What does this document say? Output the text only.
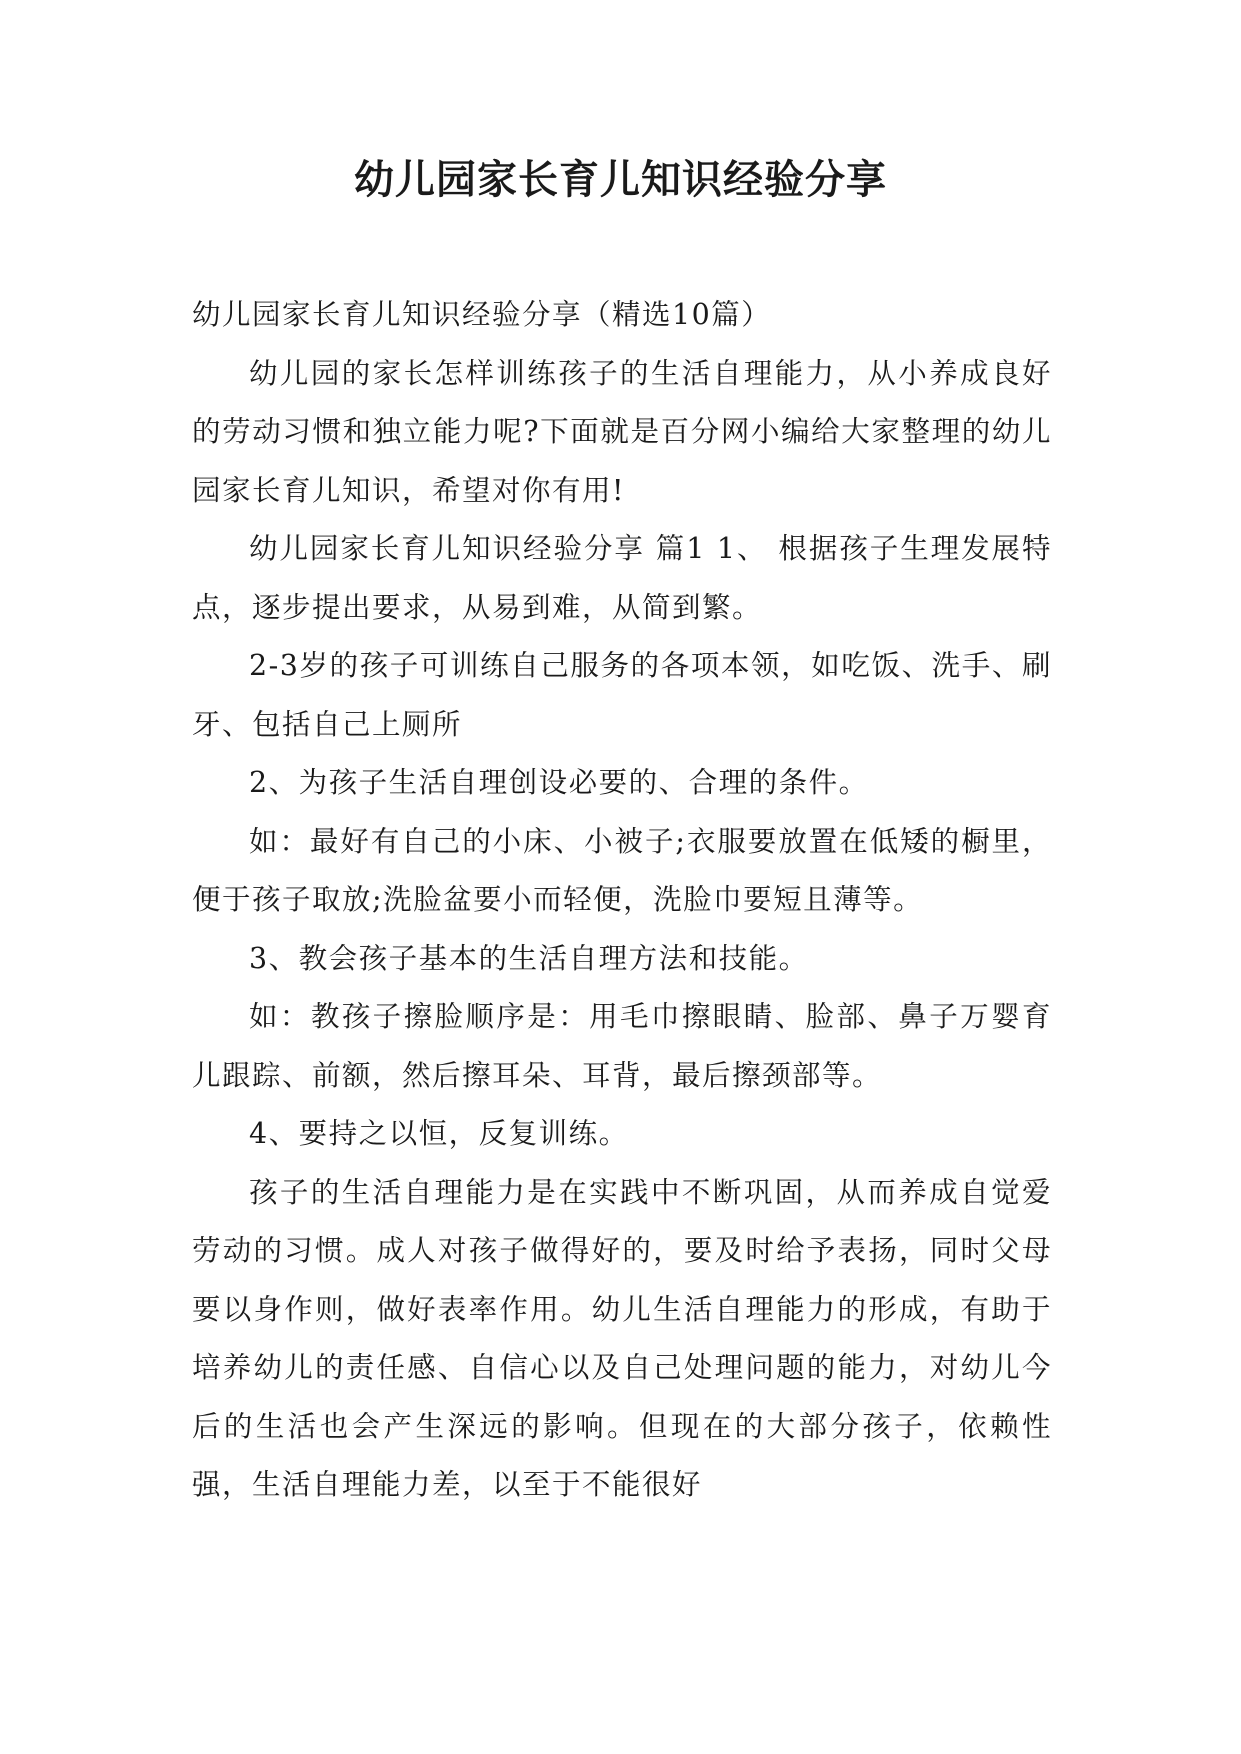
幼儿园家长育儿知识经验分享

幼儿园家长育儿知识经验分享（精选10篇）

幼儿园的家长怎样训练孩子的生活自理能力，从小养成良好的劳动习惯和独立能力呢?下面就是百分网小编给大家整理的幼儿园家长育儿知识，希望对你有用!

幼儿园家长育儿知识经验分享 篇1 1、 根据孩子生理发展特点，逐步提出要求，从易到难，从简到繁。

2-3岁的孩子可训练自己服务的各项本领，如吃饭、洗手、刷牙、包括自己上厕所

2、为孩子生活自理创设必要的、合理的条件。

如：最好有自己的小床、小被子;衣服要放置在低矮的橱里，便于孩子取放;洗脸盆要小而轻便，洗脸巾要短且薄等。

3、教会孩子基本的生活自理方法和技能。

如：教孩子擦脸顺序是：用毛巾擦眼睛、脸部、鼻子万婴育儿跟踪、前额，然后擦耳朵、耳背，最后擦颈部等。

4、要持之以恒，反复训练。

孩子的生活自理能力是在实践中不断巩固，从而养成自觉爱劳动的习惯。成人对孩子做得好的，要及时给予表扬，同时父母要以身作则，做好表率作用。幼儿生活自理能力的形成，有助于培养幼儿的责任感、自信心以及自己处理问题的能力，对幼儿今后的生活也会产生深远的影响。但现在的大部分孩子，依赖性强，生活自理能力差，以至于不能很好
